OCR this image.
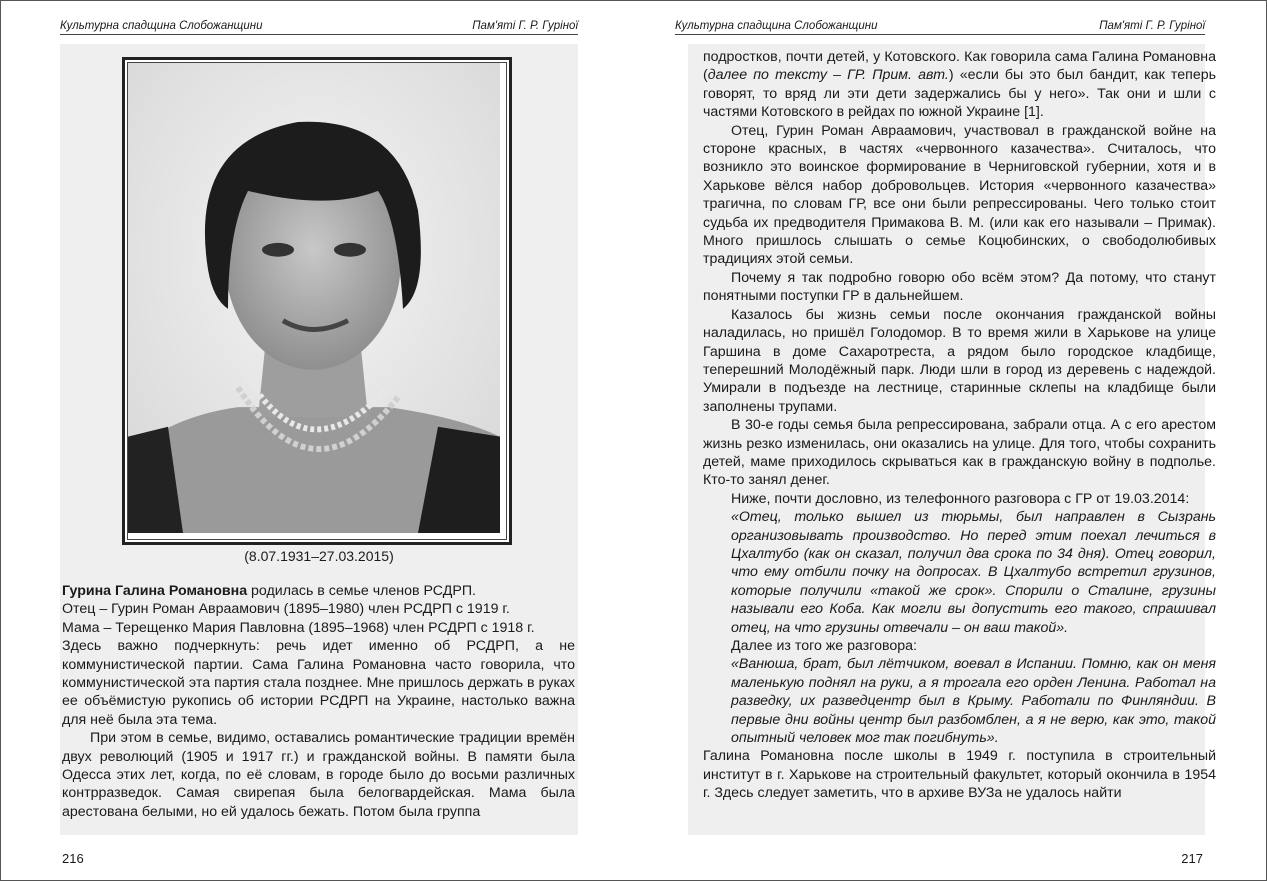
Культурна спадщина Слобожанщини	Пам'яті Г. Р. Гуріної
(8.07.1931–27.03.2015)

Гурина Галина Романовна родилась в семье членов РСДРП.

Отец – Гурин Роман Авраамович (1895–1980) член РСДРП с 1919 г.

Мама – Терещенко Мария Павловна (1895–1968) член РСДРП с 1918 г.

Здесь важно подчеркнуть: речь идет именно об РСДРП, а не коммунистической партии. Сама Галина Романовна часто говорила, что коммунистической эта партия стала позднее. Мне пришлось держать в руках ее объёмистую рукопись об истории РСДРП на Украине, настолько важна для неё была эта тема.

При этом в семье, видимо, оставались романтические традиции времён двух революций (1905 и 1917 гг.) и гражданской войны. В памяти была Одесса этих лет, когда, по её словам, в городе было до восьми различных контрразведок. Самая свирепая была белогвардейская. Мама была арестована белыми, но ей удалось бежать. Потом была группа

216
Культурна спадщина Слобожанщини	Пам'яті Г. Р. Гуріної

подростков, почти детей, у Котовского. Как говорила сама Галина Романовна (далее по тексту – ГР. Прим. авт.) «если бы это был бандит, как теперь говорят, то вряд ли эти дети задержались бы у него». Так они и шли с частями Котовского в рейдах по южной Украине [1].

Отец, Гурин Роман Авраамович, участвовал в гражданской войне на стороне красных, в частях «червонного казачества». Считалось, что возникло это воинское формирование в Черниговской губернии, хотя и в Харькове вёлся набор добровольцев. История «червонного казачества» трагична, по словам ГР, все они были репрессированы. Чего только стоит судьба их предводителя Примакова В. М. (или как его называли – Примак). Много пришлось слышать о семье Коцюбинских, о свободолюбивых традициях этой семьи.

Почему я так подробно говорю обо всём этом? Да потому, что станут понятными поступки ГР в дальнейшем.

Казалось бы жизнь семьи после окончания гражданской войны наладилась, но пришёл Голодомор. В то время жили в Харькове на улице Гаршина в доме Сахаротреста, а рядом было городское кладбище, теперешний Молодёжный парк. Люди шли в город из деревень с надеждой. Умирали в подъезде на лестнице, старинные склепы на кладбище были заполнены трупами.

В 30-е годы семья была репрессирована, забрали отца. А с его арестом жизнь резко изменилась, они оказались на улице. Для того, чтобы сохранить детей, маме приходилось скрываться как в гражданскую войну в подполье. Кто-то занял денег.

Ниже, почти дословно, из телефонного разговора с ГР от 19.03.2014:

«Отец, только вышел из тюрьмы, был направлен в Сызрань организовывать производство. Но перед этим поехал лечиться в Цхалтубо (как он сказал, получил два срока по 34 дня). Отец говорил, что ему отбили почку на допросах. В Цхалтубо встретил грузинов, которые получили «такой же срок». Спорили о Сталине, грузины называли его Коба. Как могли вы допустить его такого, спрашивал отец, на что грузины отвечали – он ваш такой».

Далее из того же разговора:

«Ванюша, брат, был лётчиком, воевал в Испании. Помню, как он меня маленькую поднял на руки, а я трогала его орден Ленина. Работал на разведку, их разведцентр был в Крыму. Работали по Финляндии. В первые дни войны центр был разбомблен, а я не верю, как это, такой опытный человек мог так погибнуть».

Галина Романовна после школы в 1949 г. поступила в строительный институт в г. Харькове на строительный факультет, который окончила в 1954 г. Здесь следует заметить, что в архиве ВУЗа не удалось найти

217
